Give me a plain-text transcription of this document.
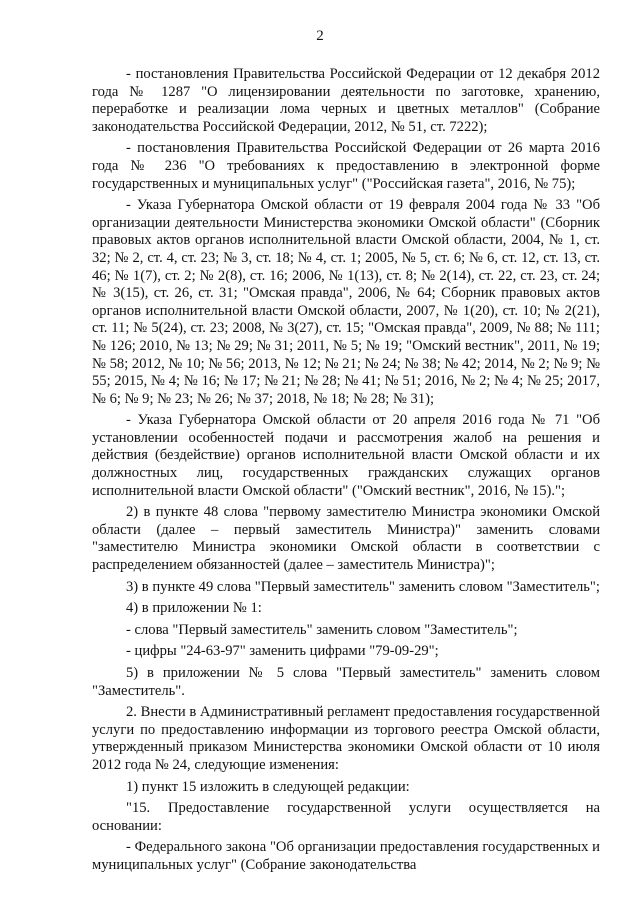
2

- постановления Правительства Российской Федерации от 12 декабря 2012 года № 1287 "О лицензировании деятельности по заготовке, хранению, переработке и реализации лома черных и цветных металлов" (Собрание законодательства Российской Федерации, 2012, № 51, ст. 7222);

- постановления Правительства Российской Федерации от 26 марта 2016 года № 236 "О требованиях к предоставлению в электронной форме государственных и муниципальных услуг" ("Российская газета", 2016, № 75);

- Указа Губернатора Омской области от 19 февраля 2004 года № 33 "Об организации деятельности Министерства экономики Омской области" (Сборник правовых актов органов исполнительной власти Омской области, 2004, № 1, ст. 32; № 2, ст. 4, ст. 23; № 3, ст. 18; № 4, ст. 1; 2005, № 5, ст. 6; № 6, ст. 12, ст. 13, ст. 46; № 1(7), ст. 2; № 2(8), ст. 16; 2006, № 1(13), ст. 8; № 2(14), ст. 22, ст. 23, ст. 24; № 3(15), ст. 26, ст. 31; "Омская правда", 2006, № 64; Сборник правовых актов органов исполнительной власти Омской области, 2007, № 1(20), ст. 10; № 2(21), ст. 11; № 5(24), ст. 23; 2008, № 3(27), ст. 15; "Омская правда", 2009, № 88; № 111; № 126; 2010, № 13; № 29; № 31; 2011, № 5; № 19; "Омский вестник", 2011, № 19; № 58; 2012, № 10; № 56; 2013, № 12; № 21; № 24; № 38; № 42; 2014, № 2; № 9; № 55; 2015, № 4; № 16; № 17; № 21; № 28; № 41; № 51; 2016, № 2; № 4; № 25; 2017, № 6; № 9; № 23; № 26; № 37; 2018, № 18; № 28; № 31);

- Указа Губернатора Омской области от 20 апреля 2016 года № 71 "Об установлении особенностей подачи и рассмотрения жалоб на решения и действия (бездействие) органов исполнительной власти Омской области и их должностных лиц, государственных гражданских служащих органов исполнительной власти Омской области" ("Омский вестник", 2016, № 15).";

2) в пункте 48 слова "первому заместителю Министра экономики Омской области (далее – первый заместитель Министра)" заменить словами "заместителю Министра экономики Омской области в соответствии с распределением обязанностей (далее – заместитель Министра)";

3) в пункте 49 слова "Первый заместитель" заменить словом "Заместитель";

4) в приложении № 1:

- слова "Первый заместитель" заменить словом "Заместитель";

- цифры "24-63-97" заменить цифрами "79-09-29";

5) в приложении № 5 слова "Первый заместитель" заменить словом "Заместитель".

2. Внести в Административный регламент предоставления государственной услуги по предоставлению информации из торгового реестра Омской области, утвержденный приказом Министерства экономики Омской области от 10 июля 2012 года № 24, следующие изменения:

1) пункт 15 изложить в следующей редакции:

"15. Предоставление государственной услуги осуществляется на основании:

- Федерального закона "Об организации предоставления государственных и муниципальных услуг" (Собрание законодательства
